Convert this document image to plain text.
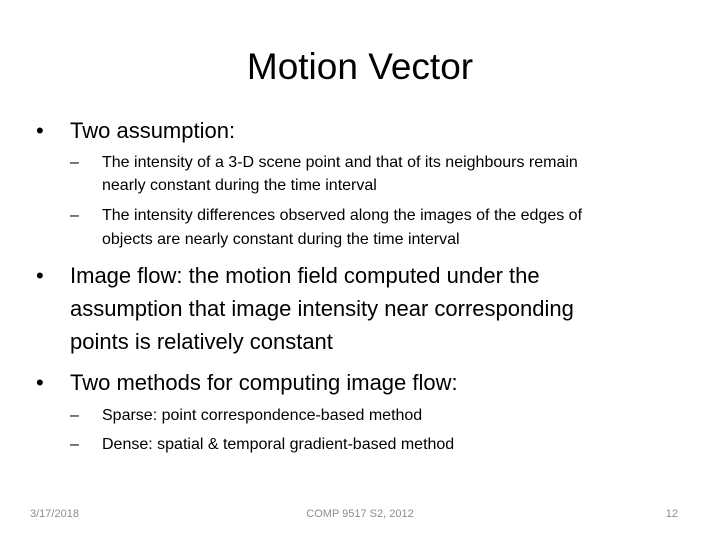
Motion Vector
• Two assumption:
– The intensity of a 3-D scene point and that of its neighbours remain
nearly constant during the time interval
– The intensity differences observed along the images of the edges of
objects are nearly constant during the time interval
• Image flow: the motion field computed under the
assumption that image intensity near corresponding
points is relatively constant
• Two methods for computing image flow:
– Sparse: point correspondence-based method
– Dense: spatial & temporal gradient-based method
3/17/2018	COMP 9517 S2, 2012	12
